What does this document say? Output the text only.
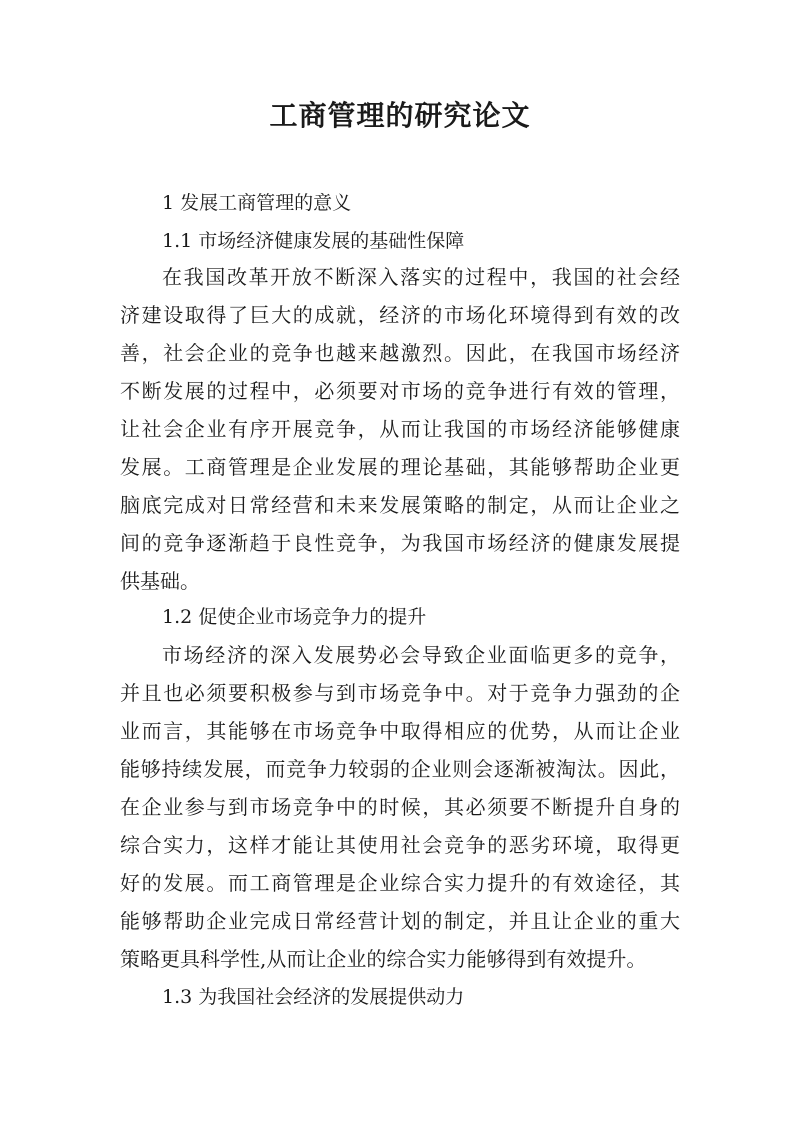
工商管理的研究论文
1 发展工商管理的意义
1.1 市场经济健康发展的基础性保障
在我国改革开放不断深入落实的过程中，我国的社会经
济建设取得了巨大的成就，经济的市场化环境得到有效的改
善，社会企业的竞争也越来越激烈。因此，在我国市场经济
不断发展的过程中，必须要对市场的竞争进行有效的管理，
让社会企业有序开展竞争，从而让我国的市场经济能够健康
发展。工商管理是企业发展的理论基础，其能够帮助企业更
脑底完成对日常经营和未来发展策略的制定，从而让企业之
间的竞争逐渐趋于良性竞争，为我国市场经济的健康发展提
供基础。
1.2 促使企业市场竞争力的提升
市场经济的深入发展势必会导致企业面临更多的竞争，
并且也必须要积极参与到市场竞争中。对于竞争力强劲的企
业而言，其能够在市场竞争中取得相应的优势，从而让企业
能够持续发展，而竞争力较弱的企业则会逐渐被淘汰。因此，
在企业参与到市场竞争中的时候，其必须要不断提升自身的
综合实力，这样才能让其使用社会竞争的恶劣环境，取得更
好的发展。而工商管理是企业综合实力提升的有效途径，其
能够帮助企业完成日常经营计划的制定，并且让企业的重大
策略更具科学性,从而让企业的综合实力能够得到有效提升。
1.3 为我国社会经济的发展提供动力
